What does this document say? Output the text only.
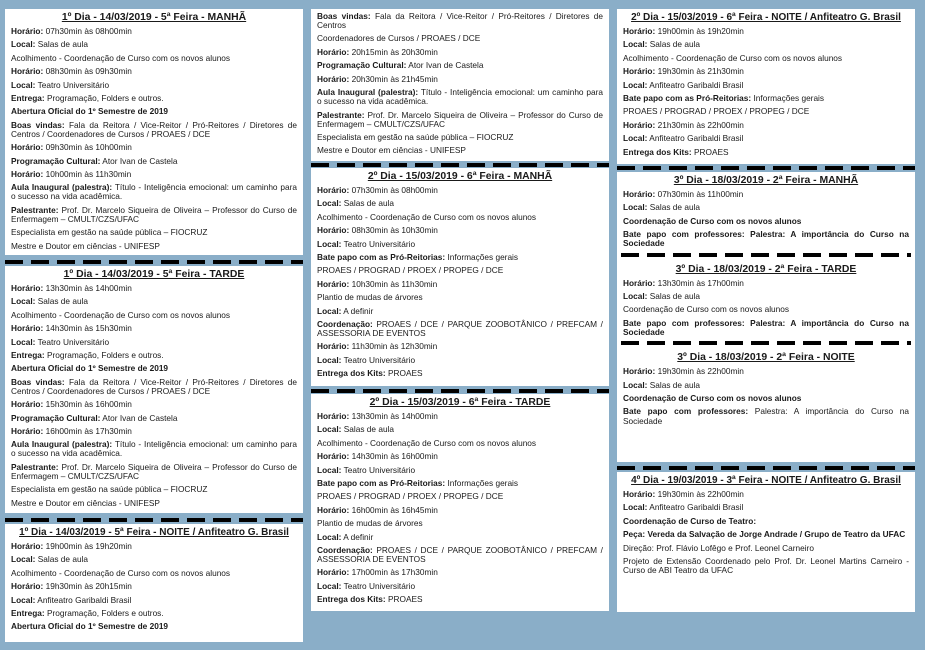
1º Dia - 14/03/2019 - 5ª Feira - MANHÃ
Horário: 07h30min às 08h00min
Local: Salas de aula
Acolhimento - Coordenação de Curso com os novos alunos
Horário: 08h30min às 09h30min
Local: Teatro Universitário
Entrega: Programação, Folders e outros.
Abertura Oficial do 1º Semestre de 2019
Boas vindas: Fala da Reitora / Vice-Reitor / Pró-Reitores / Diretores de Centros / Coordenadores de Cursos / PROAES / DCE
Horário: 09h30min às 10h00min
Programação Cultural: Ator Ivan de Castela
Horário: 10h00min às 11h30min
Aula Inaugural (palestra): Título - Inteligência emocional: um caminho para o sucesso na vida acadêmica.
Palestrante: Prof. Dr. Marcelo Siqueira de Oliveira – Professor do Curso de Enfermagem – CMULT/CZS/UFAC
Especialista em gestão na saúde pública – FIOCRUZ
Mestre e Doutor em ciências - UNIFESP
1º Dia - 14/03/2019 - 5ª Feira - TARDE
Horário: 13h30min às 14h00min
Local: Salas de aula
Acolhimento - Coordenação de Curso com os novos alunos
Horário: 14h30min às 15h30min
Local: Teatro Universitário
Entrega: Programação, Folders e outros.
Abertura Oficial do 1º Semestre de 2019
Boas vindas: Fala da Reitora / Vice-Reitor / Pró-Reitores / Diretores de Centros / Coordenadores de Cursos / PROAES / DCE
Horário: 15h30min às 16h00min
Programação Cultural: Ator Ivan de Castela
Horário: 16h00min às 17h30min
Aula Inaugural (palestra): Título - Inteligência emocional: um caminho para o sucesso na vida acadêmica.
Palestrante: Prof. Dr. Marcelo Siqueira de Oliveira – Professor do Curso de Enfermagem – CMULT/CZS/UFAC
Especialista em gestão na saúde pública – FIOCRUZ
Mestre e Doutor em ciências - UNIFESP
1º Dia - 14/03/2019 - 5ª Feira - NOITE / Anfiteatro G. Brasil
Horário: 19h00min às 19h20min
Local: Salas de aula
Acolhimento - Coordenação de Curso com os novos alunos
Horário: 19h30min às 20h15min
Local: Anfiteatro Garibaldi Brasil
Entrega: Programação, Folders e outros.
Abertura Oficial do 1º Semestre de 2019
Boas vindas: Fala da Reitora / Vice-Reitor / Pró-Reitores / Diretores de Centros
Coordenadores de Cursos / PROAES / DCE
Horário: 20h15min às 20h30min
Programação Cultural: Ator Ivan de Castela
Horário: 20h30min às 21h45min
Aula Inaugural (palestra): Título - Inteligência emocional: um caminho para o sucesso na vida acadêmica.
Palestrante: Prof. Dr. Marcelo Siqueira de Oliveira – Professor do Curso de Enfermagem – CMULT/CZS/UFAC
Especialista em gestão na saúde pública – FIOCRUZ
Mestre e Doutor em ciências - UNIFESP
2º Dia - 15/03/2019 - 6ª Feira - MANHÃ
Horário: 07h30min às 08h00min
Local: Salas de aula
Acolhimento - Coordenação de Curso com os novos alunos
Horário: 08h30min às 10h30min
Local: Teatro Universitário
Bate papo com as Pró-Reitorias: Informações gerais
PROAES / PROGRAD / PROEX / PROPEG / DCE
Horário: 10h30min às 11h30min
Plantio de mudas de árvores
Local: A definir
Coordenação: PROAES / DCE / PARQUE ZOOBOTÂNICO / PREFCAM / ASSESSORIA DE EVENTOS
Horário: 11h30min às 12h30min
Local: Teatro Universitário
Entrega dos Kits: PROAES
2º Dia - 15/03/2019 - 6ª Feira - TARDE
Horário: 13h30min às 14h00min
Local: Salas de aula
Acolhimento - Coordenação de Curso com os novos alunos
Horário: 14h30min às 16h00min
Local: Teatro Universitário
Bate papo com as Pró-Reitorias: Informações gerais
PROAES / PROGRAD / PROEX / PROPEG / DCE
Horário: 16h00min às 16h45min
Plantio de mudas de árvores
Local: A definir
Coordenação: PROAES / DCE / PARQUE ZOOBOTÂNICO / PREFCAM / ASSESSORIA DE EVENTOS
Horário: 17h00min às 17h30min
Local: Teatro Universitário
Entrega dos Kits: PROAES
2º Dia - 15/03/2019 - 6ª Feira - NOITE / Anfiteatro G. Brasil
Horário: 19h00min às 19h20min
Local: Salas de aula
Acolhimento - Coordenação de Curso com os novos alunos
Horário: 19h30min às 21h30min
Local: Anfiteatro Garibaldi Brasil
Bate papo com as Pró-Reitorias: Informações gerais
PROAES / PROGRAD / PROEX / PROPEG / DCE
Horário: 21h30min às 22h00min
Local: Anfiteatro Garibaldi Brasil
Entrega dos Kits: PROAES
3º Dia - 18/03/2019 - 2ª Feira - MANHÃ
Horário: 07h30min às 11h00min
Local: Salas de aula
Coordenação de Curso com os novos alunos
Bate papo com professores: Palestra: A importância do Curso na Sociedade
3º Dia - 18/03/2019 - 2ª Feira - TARDE
Horário: 13h30min às 17h00min
Local: Salas de aula
Coordenação de Curso com os novos alunos
Bate papo com professores: Palestra: A importância do Curso na Sociedade
3º Dia - 18/03/2019 - 2ª Feira - NOITE
Horário: 19h30min às 22h00min
Local: Salas de aula
Coordenação de Curso com os novos alunos
Bate papo com professores: Palestra: A importância do Curso na Sociedade
4º Dia - 19/03/2019 - 3ª Feira - NOITE / Anfiteatro G. Brasil
Horário: 19h30min às 22h00min
Local: Anfiteatro Garibaldi Brasil
Coordenação de Curso de Teatro:
Peça: Vereda da Salvação de Jorge Andrade / Grupo de Teatro da UFAC
Direção: Prof. Flávio Lofêgo e Prof. Leonel Carneiro
Projeto de Extensão Coordenado pelo Prof. Dr. Leonel Martins Carneiro - Curso de ABI Teatro da UFAC
